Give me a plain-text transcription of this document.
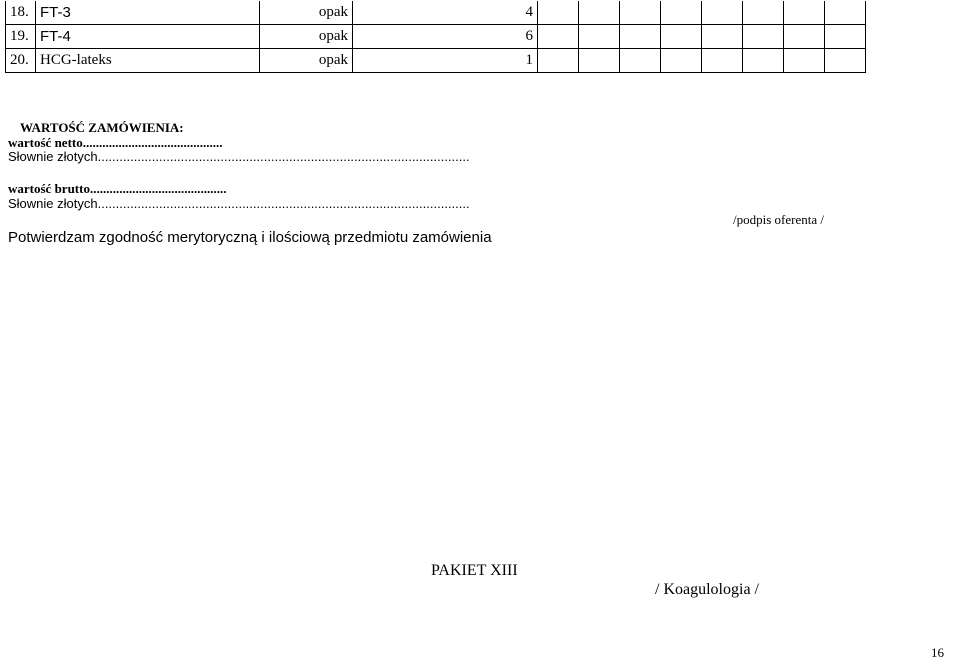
18.	FT-3	opak	4								
19.	FT-4	opak	6								
20.	HCG-lateks	opak	1								
WARTOŚĆ ZAMÓWIENIA:
wartość netto...........................................
Słownie złotych.......................................................................................................
wartość brutto..........................................
Słownie złotych.......................................................................................................
/podpis oferenta /
Potwierdzam zgodność merytoryczną i ilościową przedmiotu zamówienia
PAKIET XIII
/ Koagulologia /
16
